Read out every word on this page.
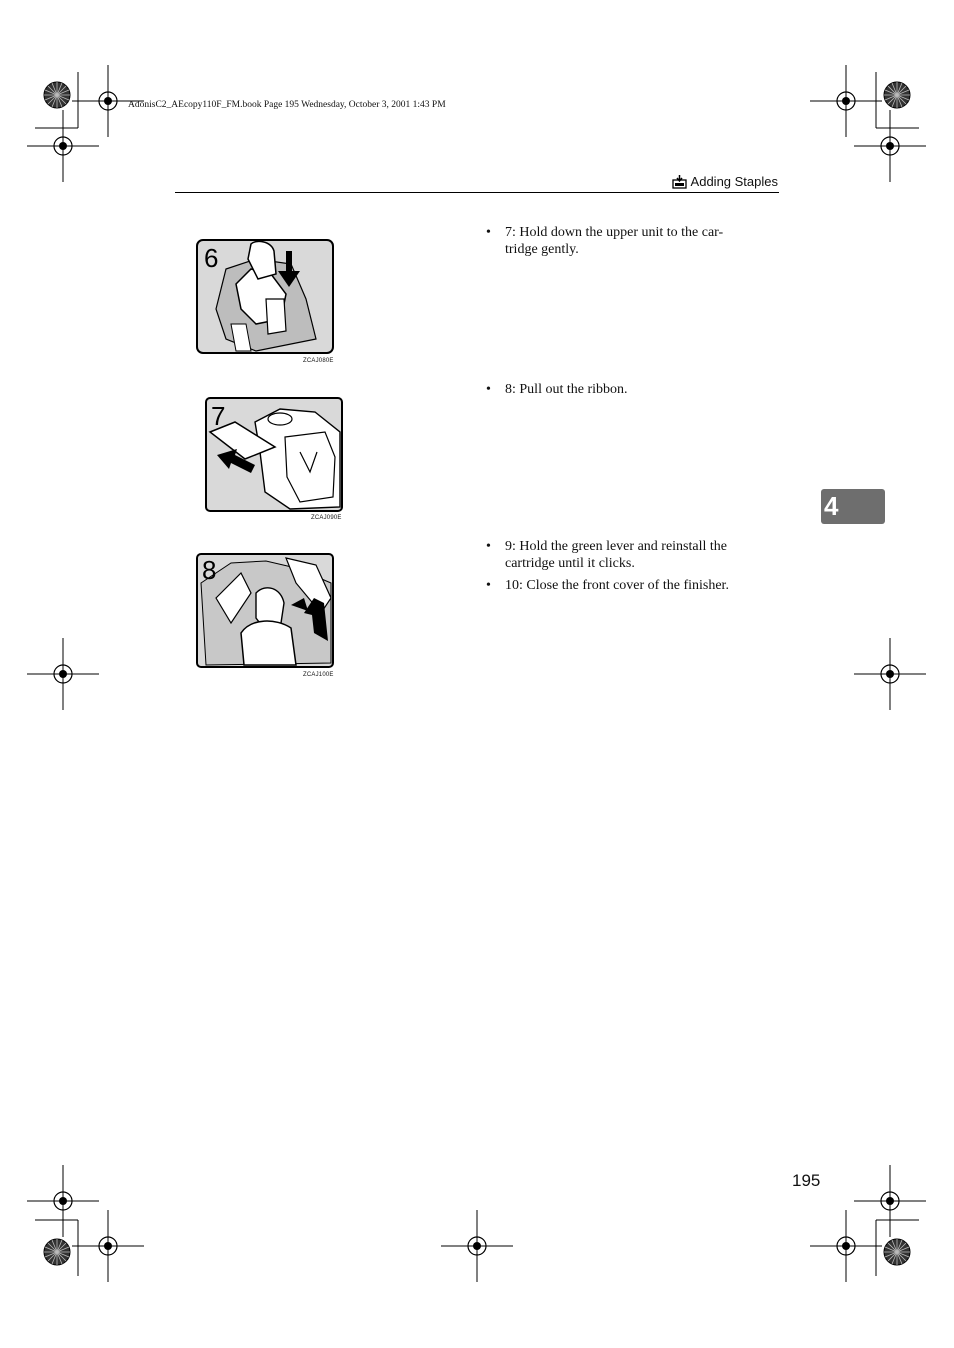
AdonisC2_AEcopy110F_FM.book Page 195 Wednesday, October 3, 2001 1:43 PM
Adding Staples
6
ZCAJ080E
7
ZCAJ090E
8
ZCAJ100E
•	7: Hold down the upper unit to the car-
tridge gently.
•	8: Pull out the ribbon.
•	9: Hold the green lever and reinstall the
cartridge until it clicks.
•	10: Close the front cover of the finisher.
4
195
